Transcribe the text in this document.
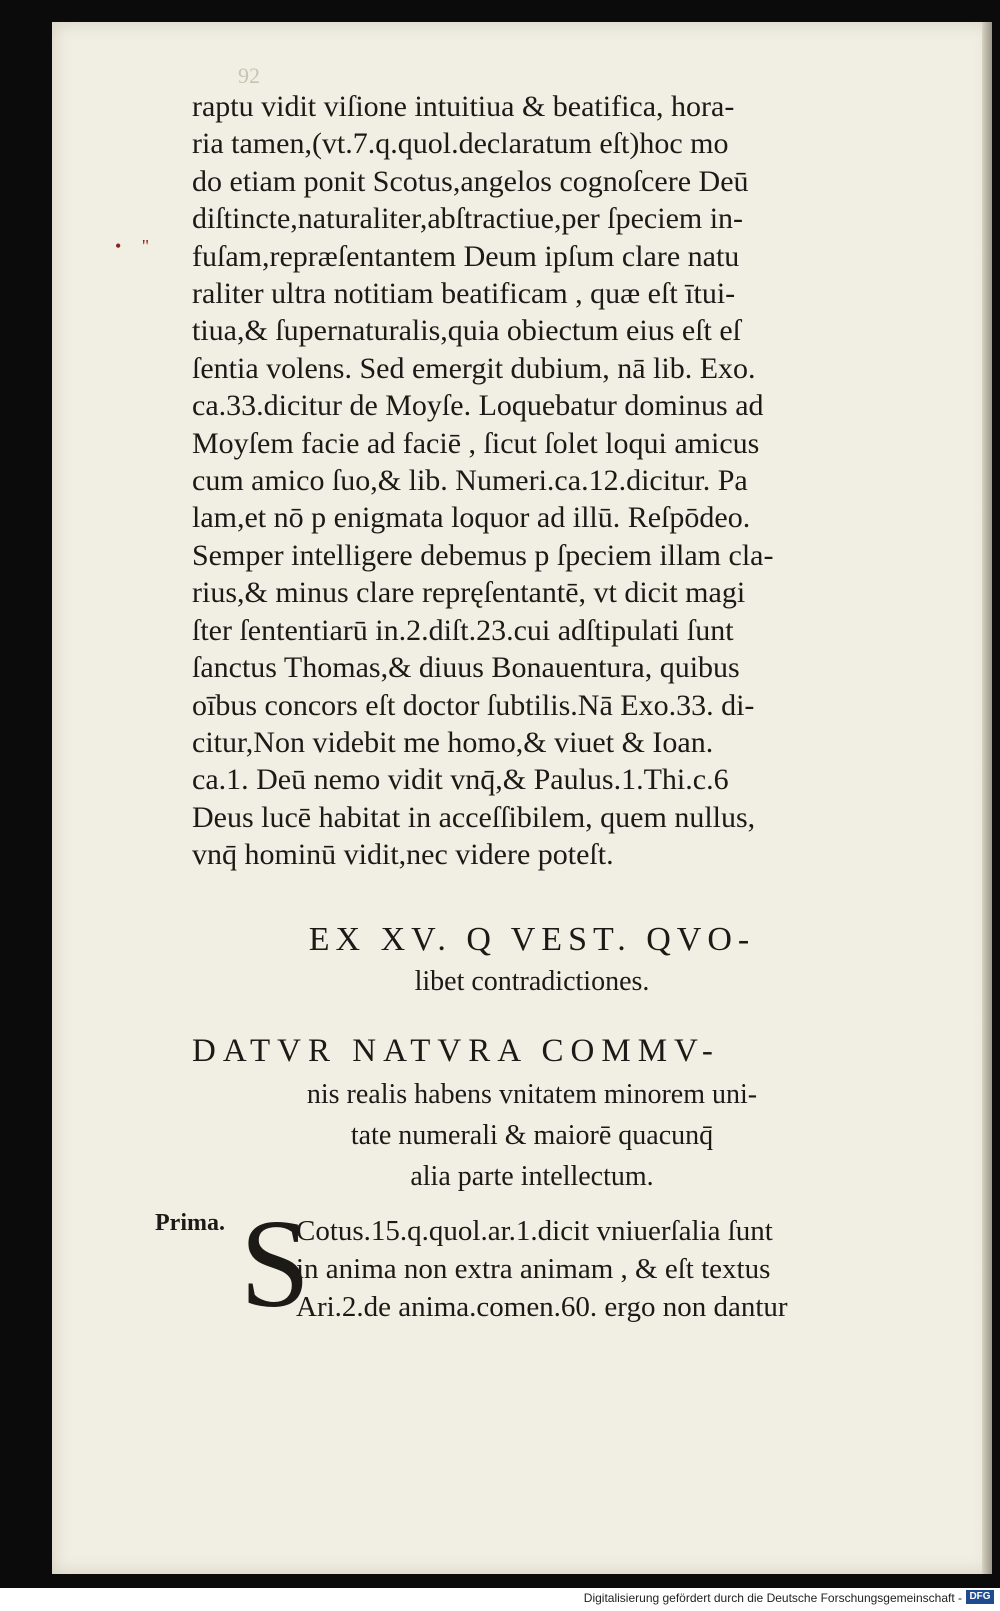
92
• "
raptu vidit viſione intuitiua & beatifica, hora-
ria tamen,(vt.7.q.quol.declaratum eſt)hoc mo
do etiam ponit Scotus,angelos cognoſcere Deū
diſtincte,naturaliter,abſtractiue,per ſpeciem in-
fuſam,repræſentantem Deum ipſum clare natu
raliter ultra notitiam beatificam , quæ eſt ītui-
tiua,& ſupernaturalis,quia obiectum eius eſt eſ
ſentia volens. Sed emergit dubium, nā lib. Exo.
ca.33.dicitur de Moyſe. Loquebatur dominus ad
Moyſem facie ad faciē , ſicut ſolet loqui amicus
cum amico ſuo,& lib. Numeri.ca.12.dicitur. Pa
lam,et nō p enigmata loquor ad illū. Reſpōdeo.
Semper intelligere debemus p ſpeciem illam cla-
rius,& minus clare repręſentantē, vt dicit magi
ſter ſententiarū in.2.diſt.23.cui adſtipulati ſunt
ſanctus Thomas,& diuus Bonauentura, quibus
oībus concors eſt doctor ſubtilis.Nā Exo.33. di-
citur,Non videbit me homo,& viuet & Ioan.
ca.1. Deū nemo vidit vnq̄,& Paulus.1.Thi.c.6
Deus lucē habitat in acceſſibilem, quem nullus,
vnq̄ hominū vidit,nec videre poteſt.
EX XV. Q VEST. QVO-
libet contradictiones.
DATVR NATVRA COMMV-
nis realis habens vnitatem minorem uni-
tate numerali & maiorē quacunq̄
alia parte intellectum.
Prima. S
Cotus.15.q.quol.ar.1.dicit vniuerſalia ſunt
in anima non extra animam , & eſt textus
Ari.2.de anima.comen.60. ergo non dantur
Digitalisierung gefördert durch die Deutsche Forschungsgemeinschaft - DFG
